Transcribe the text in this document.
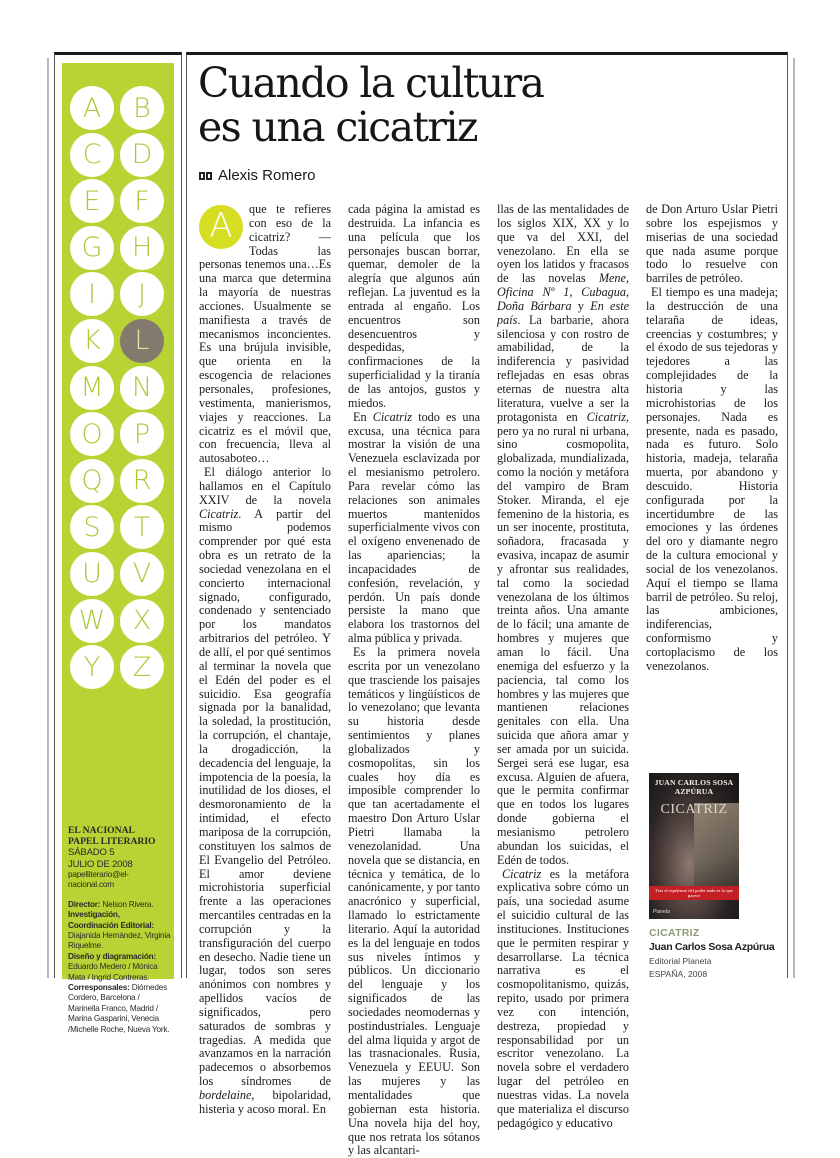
A	B
C	D
E	F
G	H
I	J
K	L
M	N
O	P
Q	R
S	T
U	V
W	X
Y	Z
EL NACIONAL
PAPEL LITERARIO
SÁBADO 5
JULIO DE 2008
papelliterario@el-nacional.com
Director: Nelson Rivera.
Investigación, Coordinación Editorial: Diajanida Hernández, Virginia Riquelme.
Diseño y diagramación: Eduardo Medero / Mónica Mata / Ingrid Contreras.
Corresponsales: Diómedes Cordero, Barcelona / Marinella Franco, Madrid / Marina Gasparini, Venecia /Michelle Roche, Nueva York.
Cuando la cultura
es una cicatriz
Alexis Romero
A	que te refieres con eso de la cicatriz? —Todas las personas tenemos una…Es una marca que determina la mayoría de nuestras acciones. Usualmente se manifiesta a través de mecanismos inconcientes. Es una brújula invisible, que orienta en la escogencia de relaciones personales, profesiones, vestimenta, manierismos, viajes y reacciones. La cicatriz es el móvil que, con frecuencia, lleva al autosaboteo…

El diálogo anterior lo hallamos en el Capítulo XXIV de la novela Cicatriz. A partir del mismo podemos comprender por qué esta obra es un retrato de la sociedad venezolana en el concierto internacional signado, configurado, condenado y sentenciado por los mandatos arbitrarios del petróleo. Y de allí, el por qué sentimos al terminar la novela que el Edén del poder es el suicidio. Esa geografía signada por la banalidad, la soledad, la prostitución, la corrupción, el chantaje, la drogadicción, la decadencia del lenguaje, la impotencia de la poesía, la inutilidad de los dioses, el desmoronamiento de la intimidad, el efecto mariposa de la corrupción, constituyen los salmos de El Evangelio del Petróleo. El amor deviene microhistoria superficial frente a las operaciones mercantiles centradas en la corrupción y la transfiguración del cuerpo en desecho. Nadie tiene un lugar, todos son seres anónimos con nombres y apellidos vacíos de significados, pero saturados de sombras y tragedias. A medida que avanzamos en la narración padecemos o absorbemos los síndromes de bordelaine, bipolaridad, histeria y acoso moral. En

cada página la amistad es destruida. La infancia es una película que los personajes buscan borrar, quemar, demoler de la alegría que algunos aún reflejan. La juventud es la entrada al engaño. Los encuentros son desencuentros y despedidas, confirmaciones de la superficialidad y la tiranía de las antojos, gustos y miedos.

En Cicatriz todo es una excusa, una técnica para mostrar la visión de una Venezuela esclavizada por el mesianismo petrolero. Para revelar cómo las relaciones son animales muertos mantenidos superficialmente vivos con el oxígeno envenenado de las apariencias; la incapacidades de confesión, revelación, y perdón. Un país donde persiste la mano que elabora los trastornos del alma pública y privada.

Es la primera novela escrita por un venezolano que trasciende los paisajes temáticos y lingüísticos de lo venezolano; que levanta su historia desde sentimientos y planes globalizados y cosmopolitas, sin los cuales hoy día es imposible comprender lo que tan acertadamente el maestro Don Arturo Uslar Pietri llamaba la venezolanidad. Una novela que se distancia, en técnica y temática, de lo canónicamente, y por tanto anacrónico y superficial, llamado lo estrictamente literario. Aquí la autoridad es la del lenguaje en todos sus niveles íntimos y públicos. Un diccionario del lenguaje y los significados de las sociedades neomodernas y postindustriales. Lenguaje del alma liquida y argot de las trasnacionales. Rusia, Venezuela y EEUU. Son las mujeres y las mentalidades que gobiernan esta historia. Una novela hija del hoy, que nos retrata los sótanos y las alcantari-

llas de las mentalidades de los siglos XIX, XX y lo que va del XXI, del venezolano. En ella se oyen los latidos y fracasos de las novelas Mene, Oficina Nº 1, Cubagua, Doña Bárbara y En este país. La barbarie, ahora silenciosa y con rostro de amabilidad, de la indiferencia y pasividad reflejadas en esas obras eternas de nuestra alta literatura, vuelve a ser la protagonista en Cicatriz, pero ya no rural ni urbana, sino cosmopolita, globalizada, mundializada, como la noción y metáfora del vampiro de Bram Stoker. Miranda, el eje femenino de la historia, es un ser inocente, prostituta, soñadora, fracasada y evasiva, incapaz de asumir y afrontar sus realidades, tal como la sociedad venezolana de los últimos treinta años. Una amante de lo fácil; una amante de hombres y mujeres que aman lo fácil. Una enemiga del esfuerzo y la paciencia, tal como los hombres y las mujeres que mantienen relaciones genitales con ella. Una suicida que añora amar y ser amada por un suicida. Sergei será ese lugar, esa excusa. Alguien de afuera, que le permita confirmar que en todos los lugares donde gobierna el mesianismo petrolero abundan los suicidas, el Edén de todos.

Cicatriz es la metáfora explicativa sobre cómo un país, una sociedad asume el suicidio cultural de las instituciones. Instituciones que le permiten respirar y desarrollarse. La técnica narrativa es el cosmopolitanismo, quizás, repito, usado por primera vez con intención, destreza, propiedad y responsabilidad por un escritor venezolano. La novela sobre el verdadero lugar del petróleo en nuestras vidas. La novela que materializa el discurso pedagógico y educativo

de Don Arturo Uslar Pietri sobre los espejismos y miserias de una sociedad que nada asume porque todo lo resuelve con barriles de petróleo.

El tiempo es una madeja; la destrucción de una telaraña de ideas, creencias y costumbres; y el éxodo de sus tejedoras y tejedores a las complejidades de la historia y las microhistorias de los personajes. Nada es presente, nada es pasado, nada es futuro. Solo historia, madeja, telaraña muerta, por abandono y descuido. Historia configurada por la incertidumbre de las emociones y las órdenes del oro y diamante negro de la cultura emocional y social de los venezolanos. Aquí el tiempo se llama barril de petróleo. Su reloj, las ambiciones, indiferencias, conformismo y cortoplacismo de los venezolanos.

JUAN CARLOS SOSA AZPÚRUA
CICATRIZ
Tras el espejismo del poder nada es lo que parece
Planeta
CICATRIZ
Juan Carlos Sosa Azpúrua
Editorial Planeta
ESPAÑA, 2008
